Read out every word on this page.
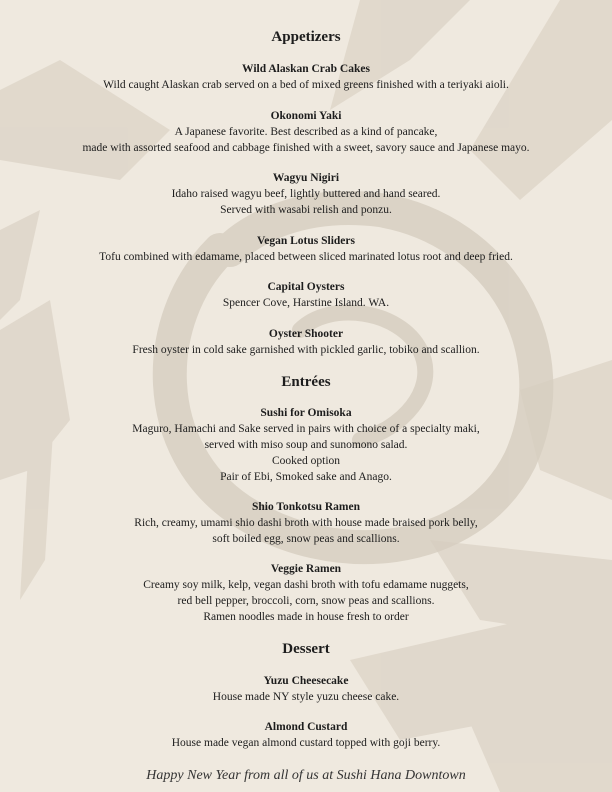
Appetizers
Wild Alaskan Crab Cakes
Wild caught Alaskan crab served on a bed of mixed greens finished with a teriyaki aioli.
Okonomi Yaki
A Japanese favorite. Best described as a kind of pancake,
made with assorted seafood and cabbage finished with a sweet, savory sauce and Japanese mayo.
Wagyu Nigiri
Idaho raised wagyu beef, lightly buttered and hand seared.
Served with wasabi relish and ponzu.
Vegan Lotus Sliders
Tofu combined with edamame, placed between sliced marinated lotus root and deep fried.
Capital Oysters
Spencer Cove, Harstine Island. WA.
Oyster Shooter
Fresh oyster in cold sake garnished with pickled garlic, tobiko and scallion.
Entrées
Sushi for Omisoka
Maguro, Hamachi and Sake served in pairs with choice of a specialty maki,
served with miso soup and sunomono salad.
Cooked option
Pair of Ebi, Smoked sake and Anago.
Shio Tonkotsu Ramen
Rich, creamy, umami shio dashi broth with house made braised pork belly,
soft boiled egg, snow peas and scallions.
Veggie Ramen
Creamy soy milk, kelp, vegan dashi broth with tofu edamame nuggets,
red bell pepper, broccoli, corn, snow peas and scallions.
Ramen noodles made in house fresh to order
Dessert
Yuzu Cheesecake
House made NY style yuzu cheese cake.
Almond Custard
House made vegan almond custard topped with goji berry.
Happy New Year from all of us at Sushi Hana Downtown
